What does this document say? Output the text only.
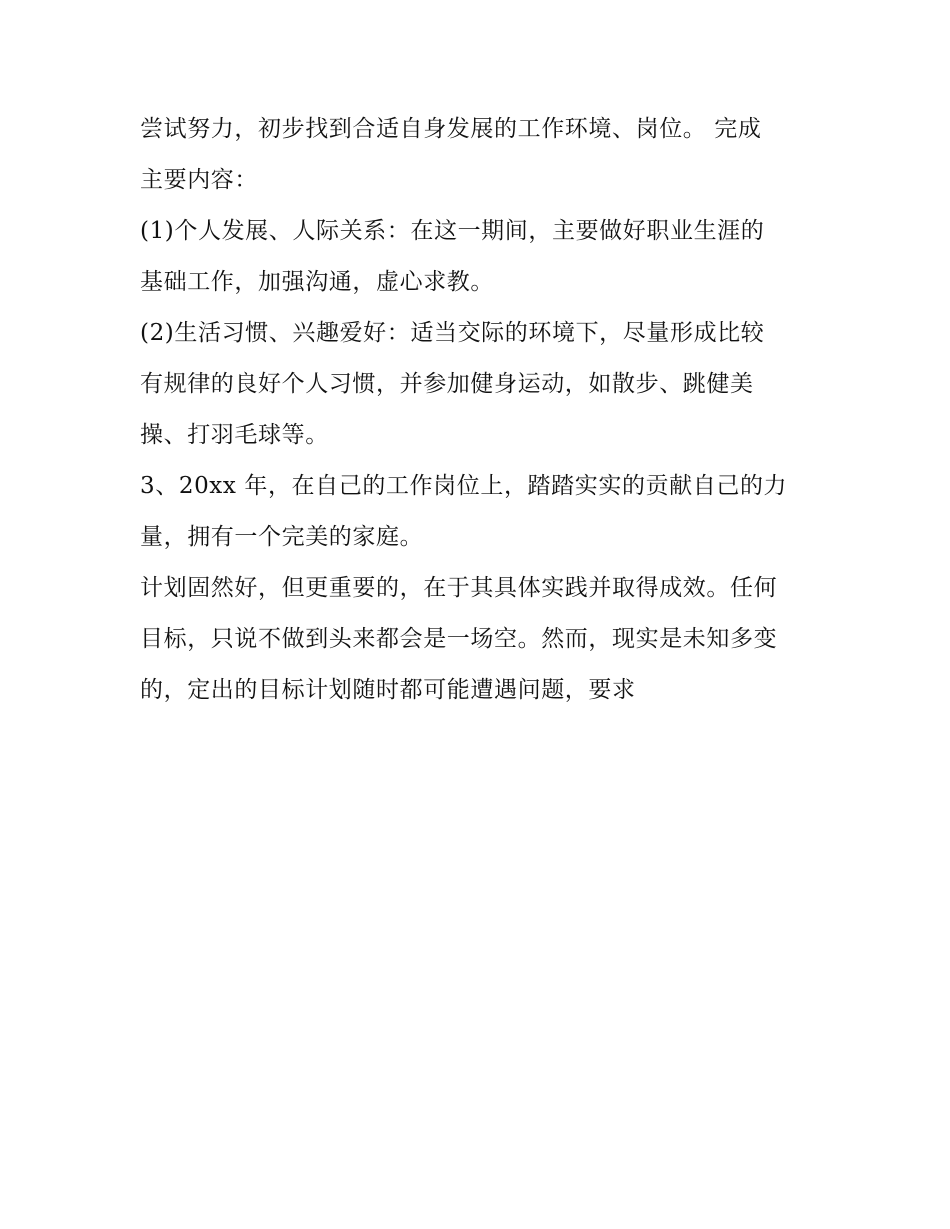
尝试努力，初步找到合适自身发展的工作环境、岗位。 完成
主要内容：
(1)个人发展、人际关系：在这一期间，主要做好职业生涯的
基础工作，加强沟通，虚心求教。
(2)生活习惯、兴趣爱好：适当交际的环境下，尽量形成比较
有规律的良好个人习惯，并参加健身运动，如散步、跳健美
操、打羽毛球等。
3、20xx 年，在自己的工作岗位上，踏踏实实的贡献自己的力
量，拥有一个完美的家庭。
计划固然好，但更重要的，在于其具体实践并取得成效。任何
目标，只说不做到头来都会是一场空。然而，现实是未知多变
的，定出的目标计划随时都可能遭遇问题，要求
